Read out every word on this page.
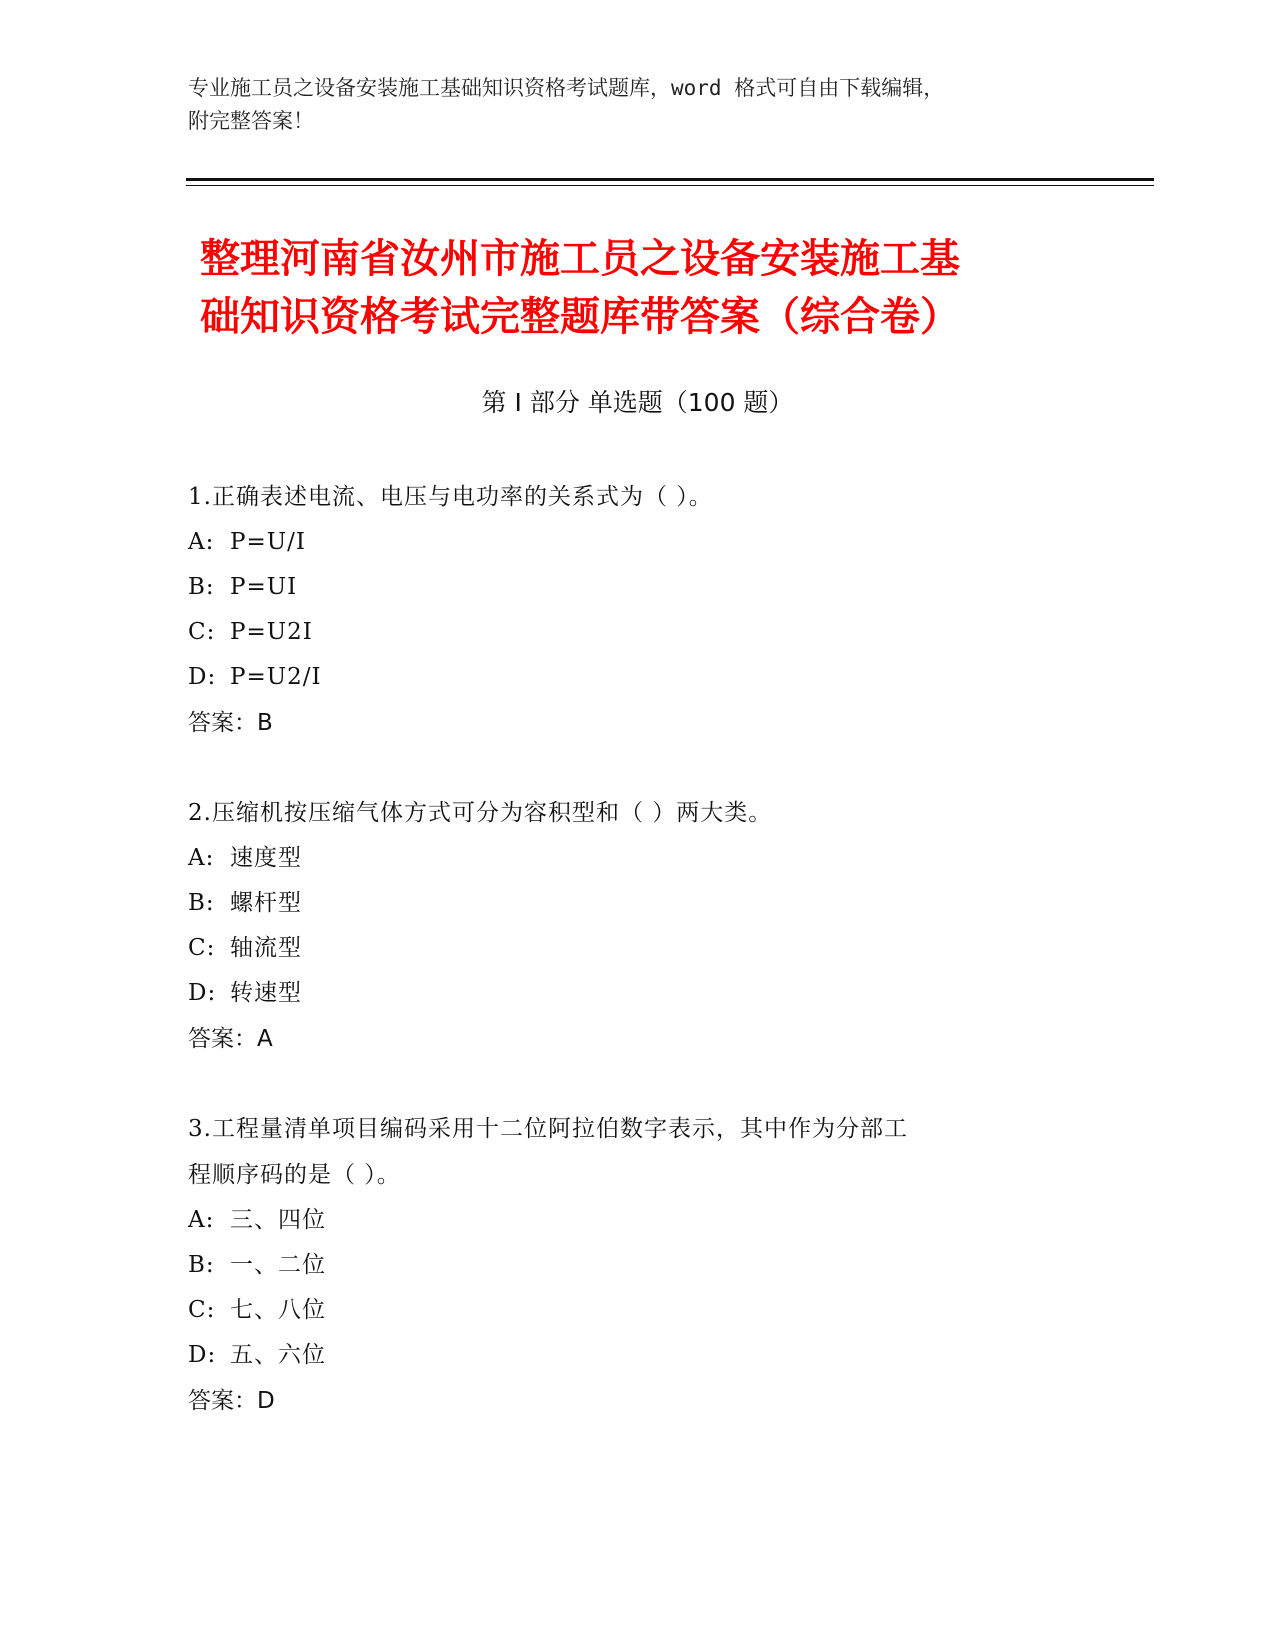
专业施工员之设备安装施工基础知识资格考试题库，word 格式可自由下载编辑，
附完整答案！
整理河南省汝州市施工员之设备安装施工基
础知识资格考试完整题库带答案（综合卷）
第 I 部分 单选题（100 题）
1.正确表述电流、电压与电功率的关系式为（ ）。
A: P=U/I
B: P=UI
C: P=U2I
D: P=U2/I
答案：B
2.压缩机按压缩气体方式可分为容积型和（ ）两大类。
A: 速度型
B: 螺杆型
C: 轴流型
D: 转速型
答案：A
3.工程量清单项目编码采用十二位阿拉伯数字表示，其中作为分部工
程顺序码的是（ ）。
A: 三、四位
B: 一、二位
C: 七、八位
D: 五、六位
答案：D
